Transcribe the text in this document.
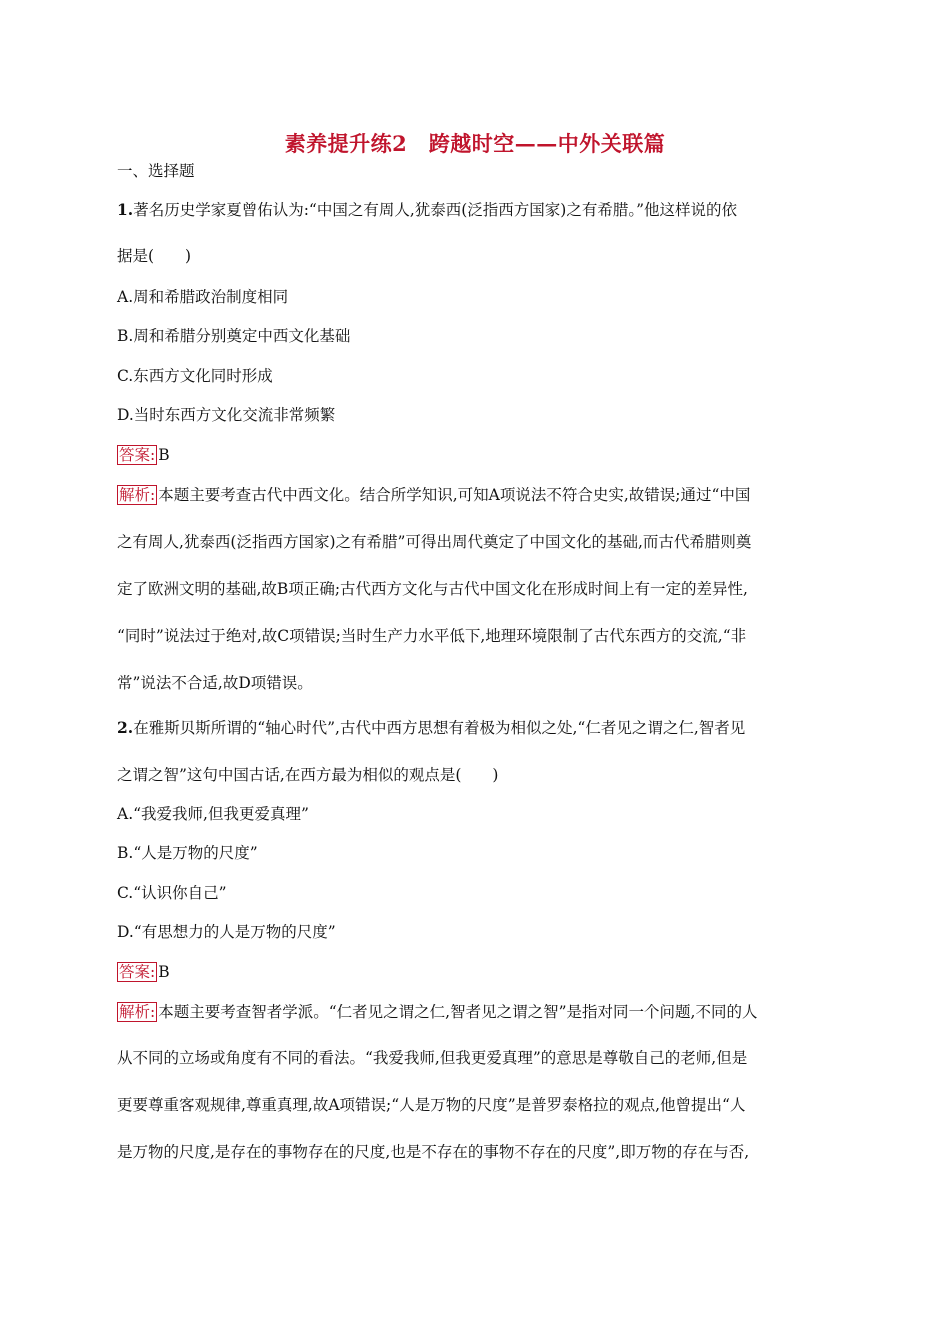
素养提升练2　跨越时空——中外关联篇
一、选择题
1.著名历史学家夏曾佑认为:“中国之有周人,犹泰西(泛指西方国家)之有希腊。”他这样说的依
据是(　　)
A.周和希腊政治制度相同
B.周和希腊分别奠定中西文化基础
C.东西方文化同时形成
D.当时东西方文化交流非常频繁
答案: B
解析: 本题主要考查古代中西文化。结合所学知识,可知A项说法不符合史实,故错误;通过“中国
之有周人,犹泰西(泛指西方国家)之有希腊”可得出周代奠定了中国文化的基础,而古代希腊则奠
定了欧洲文明的基础,故B项正确;古代西方文化与古代中国文化在形成时间上有一定的差异性,
“同时”说法过于绝对,故C项错误;当时生产力水平低下,地理环境限制了古代东西方的交流,“非
常”说法不合适,故D项错误。
2.在雅斯贝斯所谓的“轴心时代”,古代中西方思想有着极为相似之处,“仁者见之谓之仁,智者见
之谓之智”这句中国古话,在西方最为相似的观点是(　　)
A.“我爱我师,但我更爱真理”
B.“人是万物的尺度”
C.“认识你自己”
D.“有思想力的人是万物的尺度”
答案: B
解析: 本题主要考查智者学派。“仁者见之谓之仁,智者见之谓之智”是指对同一个问题,不同的人
从不同的立场或角度有不同的看法。“我爱我师,但我更爱真理”的意思是尊敬自己的老师,但是
更要尊重客观规律,尊重真理,故A项错误;“人是万物的尺度”是普罗泰格拉的观点,他曾提出“人
是万物的尺度,是存在的事物存在的尺度,也是不存在的事物不存在的尺度”,即万物的存在与否,
